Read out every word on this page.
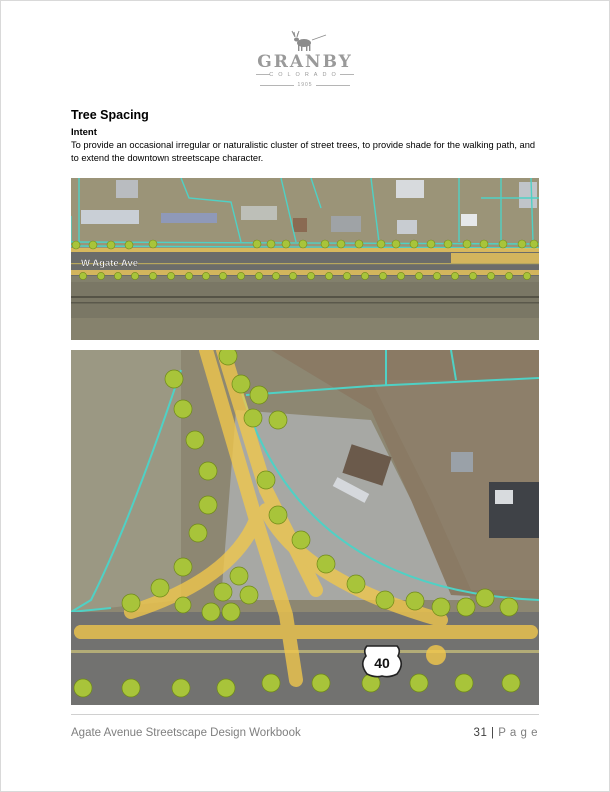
GRANBY
COLORADO
1905
Tree Spacing
Intent
To provide an occasional irregular or naturalistic cluster of street trees, to provide shade for the walking path, and to extend the downtown streetscape character.
W Agate Ave
40
Agate Avenue Streetscape Design Workbook	31 | P a g e
